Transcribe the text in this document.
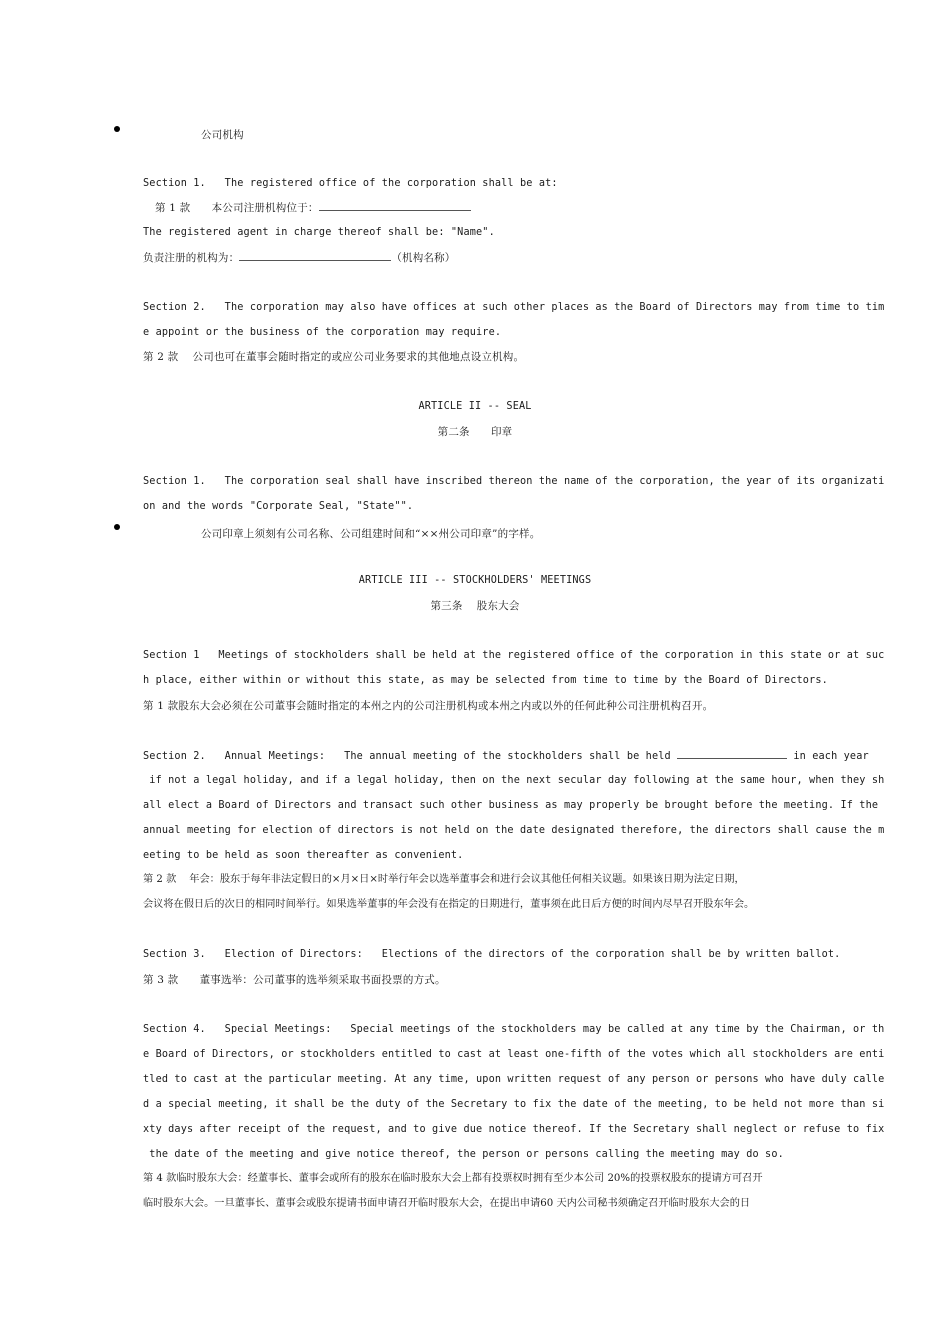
公司机构
Section 1.   The registered office of the corporation shall be at:
第 1 款 本公司注册机构位于：
The registered agent in charge thereof shall be: "Name".
负责注册的机构为：	（机构名称）
Section 2.   The corporation may also have offices at such other places as the Board of Directors may from time to tim
e appoint or the business of the corporation may require.
第 2 款    公司也可在董事会随时指定的或应公司业务要求的其他地点设立机构。
ARTICLE II -- SEAL
第二条      印章
Section 1.   The corporation seal shall have inscribed thereon the name of the corporation, the year of its organizati
on and the words "Corporate Seal, "State"".
公司印章上须刻有公司名称、公司组建时间和“××州公司印章”的字样。
ARTICLE III -- STOCKHOLDERS' MEETINGS
第三条    股东大会
Section 1   Meetings of stockholders shall be held at the registered office of the corporation in this state or at suc
h place, either within or without this state, as may be selected from time to time by the Board of Directors.
第 1 款股东大会必须在公司董事会随时指定的本州之内的公司注册机构或本州之内或以外的任何此种公司注册机构召开。
Section 2.   Annual Meetings:   The annual meeting of the stockholders shall be held	in each year
if not a legal holiday, and if a legal holiday, then on the next secular day following at the same hour, when they sh
all elect a Board of Directors and transact such other business as may properly be brought before the meeting. If the
annual meeting for election of directors is not held on the date designated therefore, the directors shall cause the m
eeting to be held as soon thereafter as convenient.
第 2 款    年会：股东于每年非法定假日的×月×日×时举行年会以选举董事会和进行会议其他任何相关议题。如果该日期为法定日期，
会议将在假日后的次日的相同时间举行。如果选举董事的年会没有在指定的日期进行，董事须在此日后方便的时间内尽早召开股东年会。
Section 3.   Election of Directors:   Elections of the directors of the corporation shall be by written ballot.
第 3 款      董事选举：公司董事的选举须采取书面投票的方式。
Section 4.   Special Meetings:   Special meetings of the stockholders may be called at any time by the Chairman, or th
e Board of Directors, or stockholders entitled to cast at least one-fifth of the votes which all stockholders are enti
tled to cast at the particular meeting. At any time, upon written request of any person or persons who have duly calle
d a special meeting, it shall be the duty of the Secretary to fix the date of the meeting, to be held not more than si
xty days after receipt of the request, and to give due notice thereof. If the Secretary shall neglect or refuse to fix
the date of the meeting and give notice thereof, the person or persons calling the meeting may do so.
第 4 款临时股东大会：经董事长、董事会或所有的股东在临时股东大会上都有投票权时拥有至少本公司 20%的投票权股东的提请方可召开
临时股东大会。一旦董事长、董事会或股东提请书面申请召开临时股东大会，在提出申请60 天内公司秘书须确定召开临时股东大会的日
